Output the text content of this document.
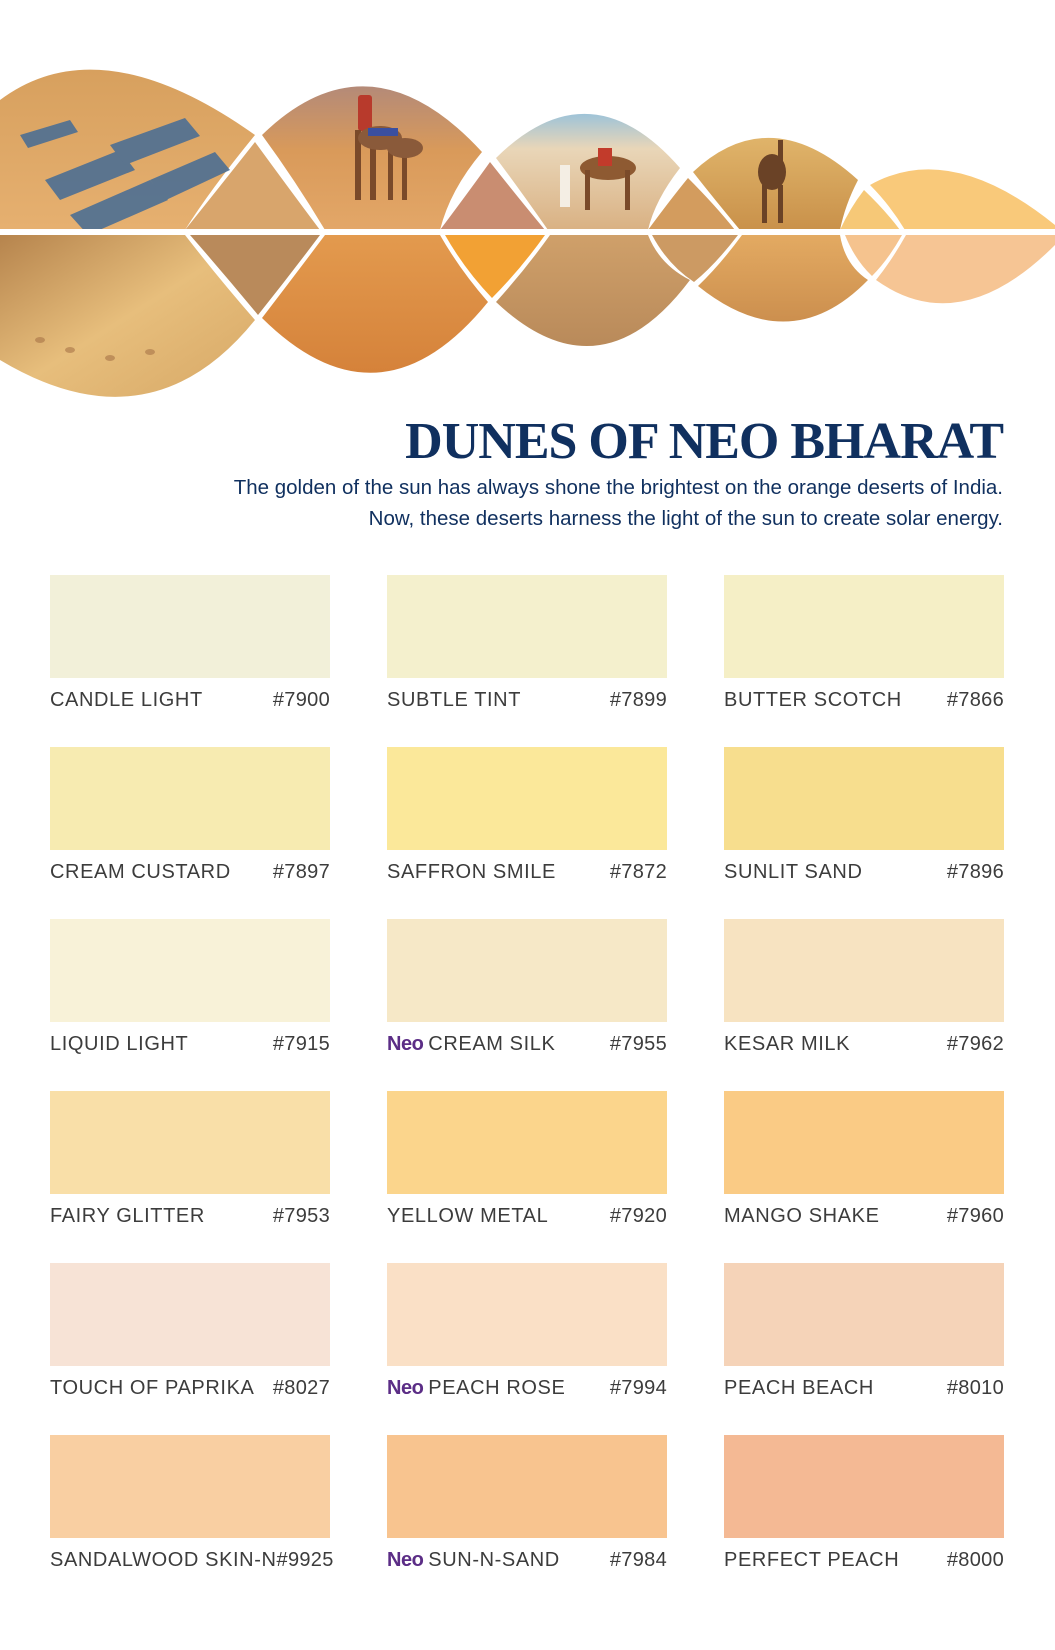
DUNES OF NEO BHARAT

The golden of the sun has always shone the brightest on the orange deserts of India.

Now, these deserts harness the light of the sun to create solar energy.

CANDLE LIGHT	#7900	SUBTLE TINT	#7899	BUTTER SCOTCH #7866
CREAM CUSTARD #7897	SAFFRON SMILE	#7872	SUNLIT SAND	#7896
LIQUID LIGHT	#7915	Neo CREAM SILK	#7955	KESAR MILK	#7962
FAIRY GLITTER	#7953	YELLOW METAL	#7920	MANGO SHAKE	#7960
TOUCH OF PAPRIKA #8027	Neo PEACH ROSE #7994	PEACH BEACH	#8010
SANDALWOOD SKIN-N #9925	Neo SUN-N-SAND	#7984	PERFECT PEACH #8000
